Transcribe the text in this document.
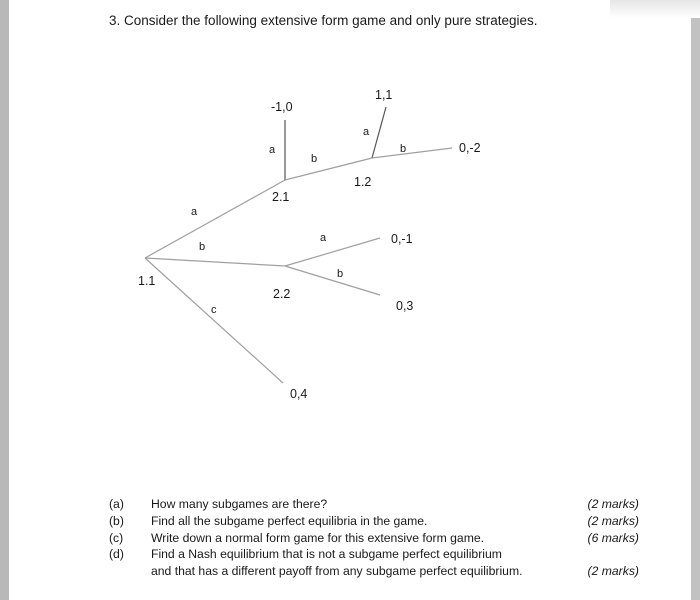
3. Consider the following extensive form game and only pure strategies.
1.1
2.1
1.2
2.2
a
b
c
a
b
a
b
a
b
-1,0
1,1
0,-2
0,-1
0,3
0,4
(a) How many subgames are there?	(2 marks)
(b) Find all the subgame perfect equilibria in the game.	(2 marks)
(c) Write down a normal form game for this extensive form game.	(6 marks)
(d) Find a Nash equilibrium that is not a subgame perfect equilibrium
and that has a different payoff from any subgame perfect equilibrium.	(2 marks)
